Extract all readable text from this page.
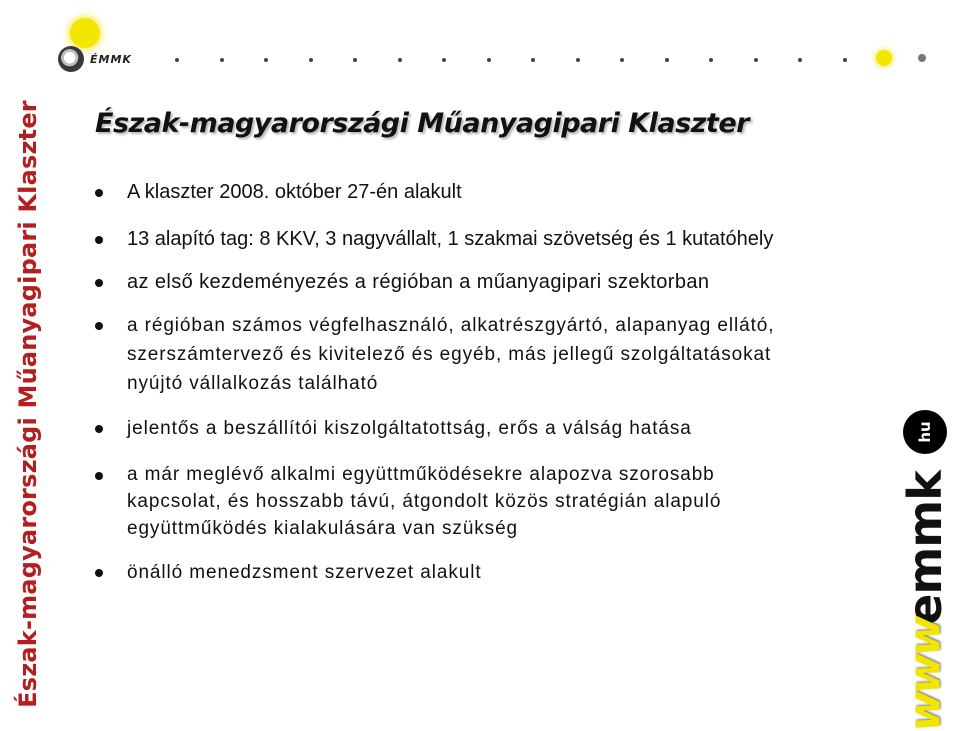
ÉMMK
Észak-magyarországi Műanyagipari Klaszter Észak-magyarországi Műanyagipari Klaszter
A klaszter 2008. október 27-én alakult
13 alapító tag: 8 KKV, 3 nagyvállalt, 1 szakmai szövetség és 1 kutatóhely
az első kezdeményezés a régióban a műanyagipari szektorban
a régióban számos végfelhasználó, alkatrészgyártó, alapanyag ellátó, szerszámtervező és kivitelező és egyéb, más jellegű szolgáltatásokat nyújtó vállalkozás található
jelentős a beszállítói kiszolgáltatottság, erős a válság hatása
a már meglévő alkalmi együttműködésekre alapozva szorosabb kapcsolat, és hosszabb távú, átgondolt közös stratégián alapuló együttműködés kialakulására van szükség
önálló menedzsment szervezet alakult
hu
emmk
www
